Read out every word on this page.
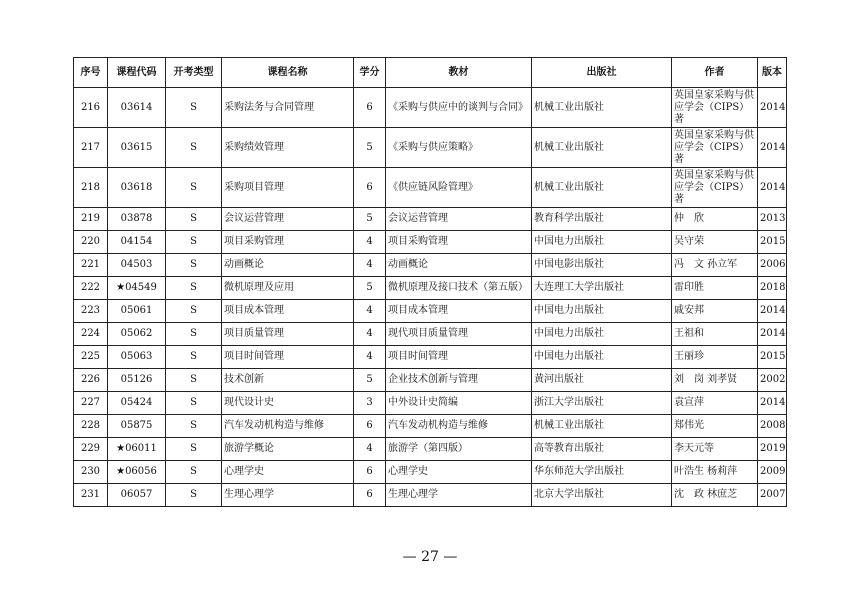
序号	课程代码	开考类型	课程名称	学分	教材	出版社	作者	版本
216	03614	S	采购法务与合同管理	6	《采购与供应中的谈判与合同》	机械工业出版社	英国皇家采购与供应学会（CIPS）著	2014
217	03615	S	采购绩效管理	5	《采购与供应策略》	机械工业出版社	英国皇家采购与供应学会（CIPS）著	2014
218	03618	S	采购项目管理	6	《供应链风险管理》	机械工业出版社	英国皇家采购与供应学会（CIPS）著	2014
219	03878	S	会议运营管理	5	会议运营管理	教育科学出版社	仲　欣	2013
220	04154	S	项目采购管理	4	项目采购管理	中国电力出版社	吴守荣	2015
221	04503	S	动画概论	4	动画概论	中国电影出版社	冯　文 孙立军	2006
222	★04549	S	微机原理及应用	5	微机原理及接口技术（第五版）	大连理工大学出版社	雷印胜	2018
223	05061	S	项目成本管理	4	项目成本管理	中国电力出版社	戚安邦	2014
224	05062	S	项目质量管理	4	现代项目质量管理	中国电力出版社	王祖和	2014
225	05063	S	项目时间管理	4	项目时间管理	中国电力出版社	王丽珍	2015
226	05126	S	技术创新	5	企业技术创新与管理	黄河出版社	刘　岗 刘孝贤	2002
227	05424	S	现代设计史	3	中外设计史简编	浙江大学出版社	袁宣萍	2014
228	05875	S	汽车发动机构造与维修	6	汽车发动机构造与维修	机械工业出版社	郑伟光	2008
229	★06011	S	旅游学概论	4	旅游学（第四版）	高等教育出版社	李天元等	2019
230	★06056	S	心理学史	6	心理学史	华东师范大学出版社	叶浩生 杨莉萍	2009
231	06057	S	生理心理学	6	生理心理学	北京大学出版社	沈　政 林庶芝	2007
— 27 —
